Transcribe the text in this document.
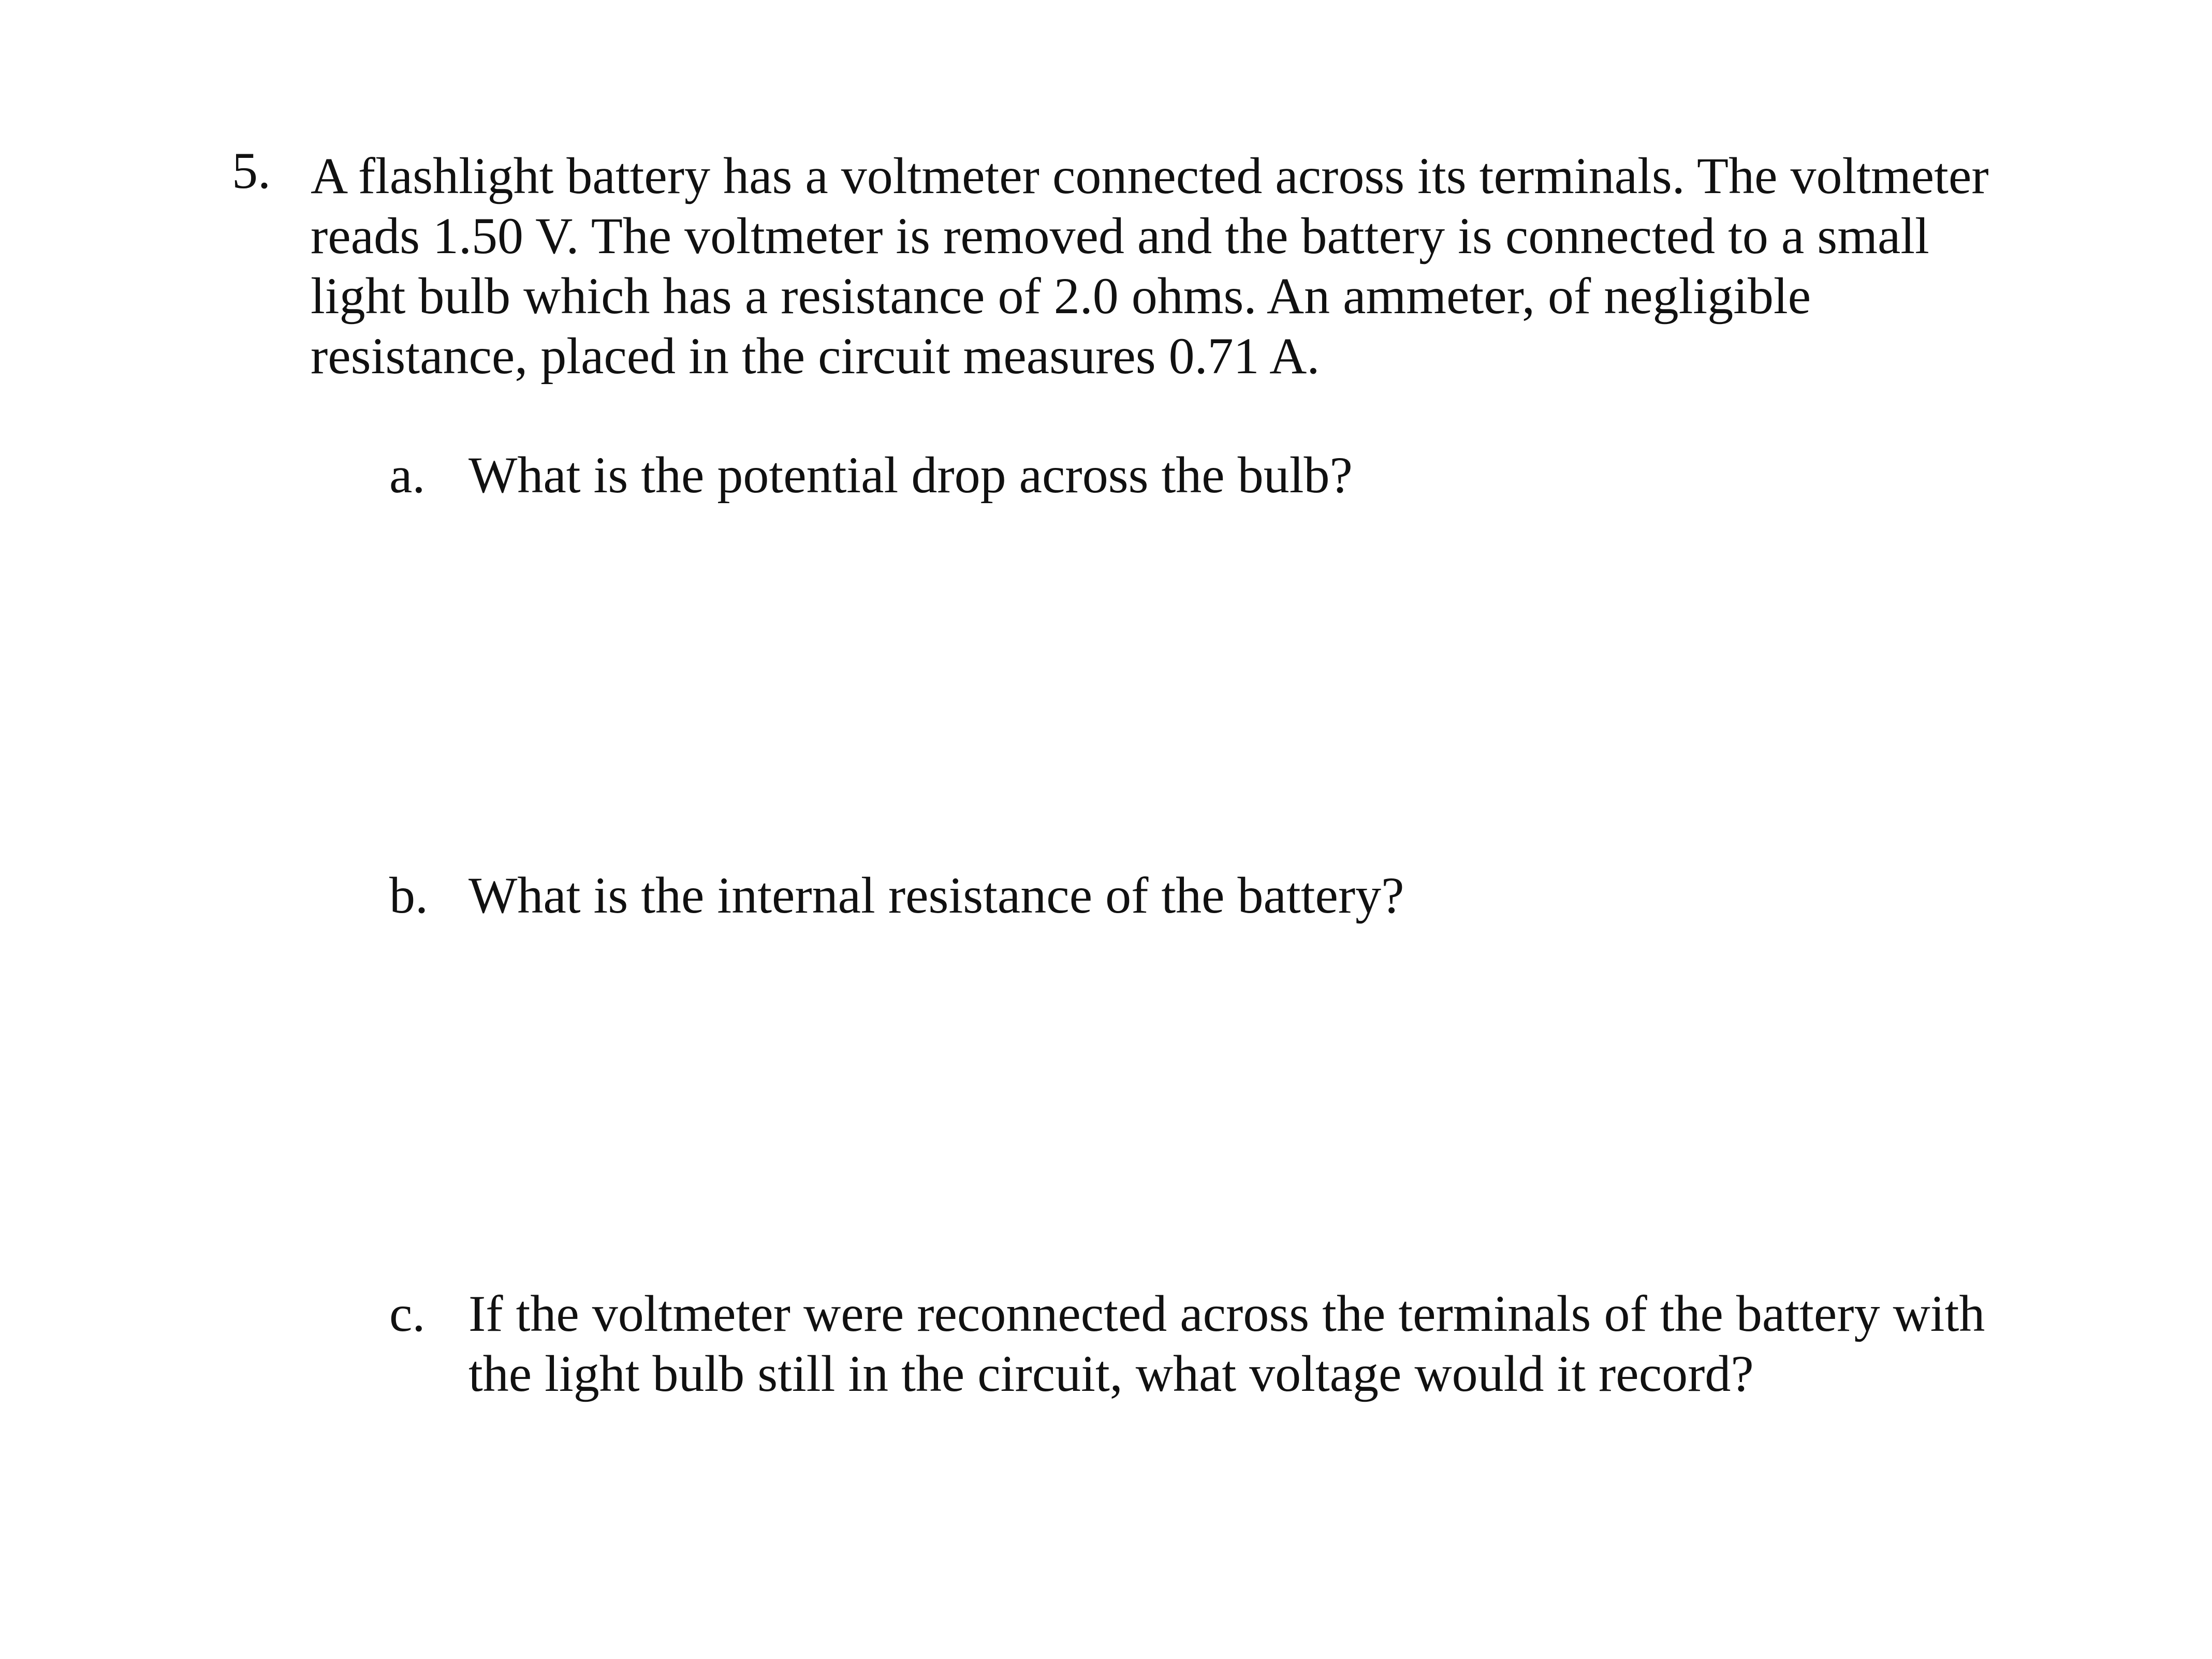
5. A flashlight battery has a voltmeter connected across its terminals. The voltmeter
reads 1.50 V. The voltmeter is removed and the battery is connected to a small
light bulb which has a resistance of 2.0 ohms. An ammeter, of negligible
resistance, placed in the circuit measures 0.71 A.
a. What is the potential drop across the bulb?
b. What is the internal resistance of the battery?
c. If the voltmeter were reconnected across the terminals of the battery with
the light bulb still in the circuit, what voltage would it record?
